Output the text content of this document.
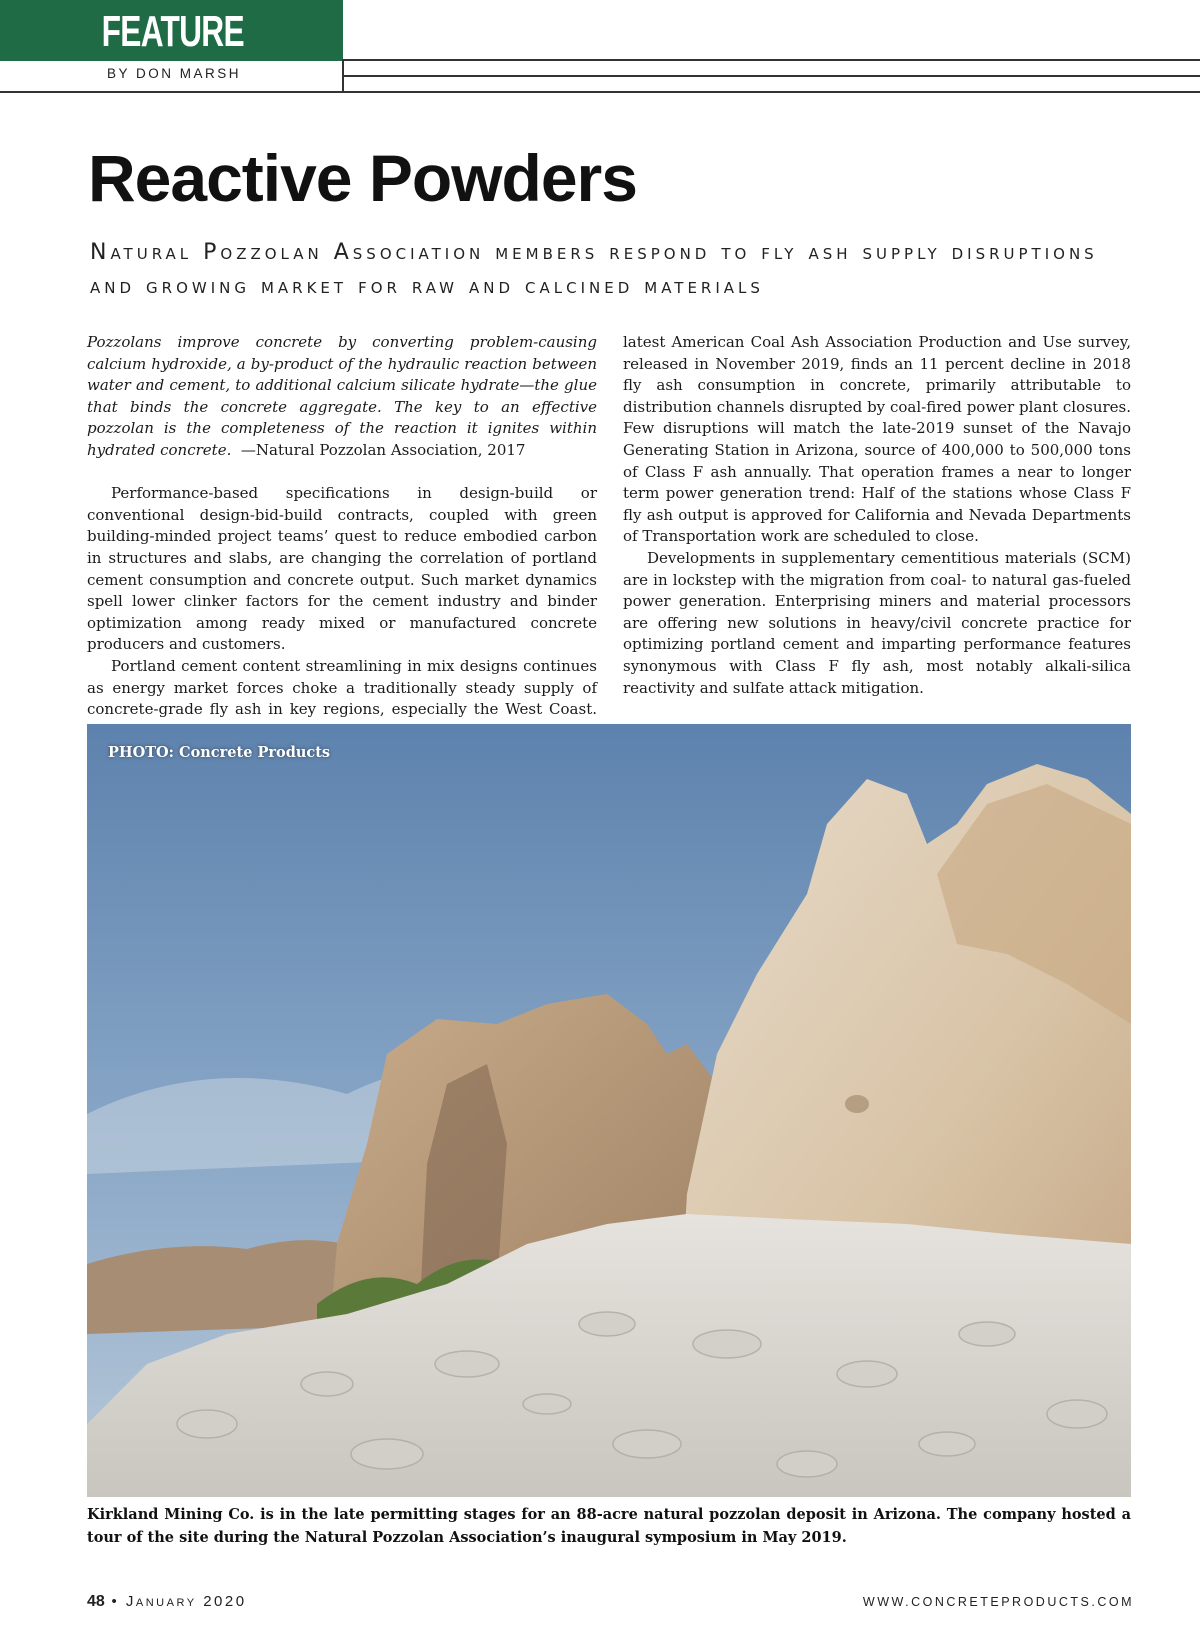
FEATURE
BY DON MARSH
Reactive Powders

Natural Pozzolan Association members respond to fly ash supply disruptions and growing market for raw and calcined materials

Pozzolans improve concrete by converting problem-causing calcium hydroxide, a by-product of the hydraulic reaction between water and cement, to additional calcium silicate hydrate—the glue that binds the concrete aggregate. The key to an effective pozzolan is the completeness of the reaction it ignites within hydrated concrete. —Natural Pozzolan Association, 2017

Performance-based specifications in design-build or conventional design-bid-build contracts, coupled with green building-minded project teams’ quest to reduce embodied carbon in structures and slabs, are changing the correlation of portland cement consumption and concrete output. Such market dynamics spell lower clinker factors for the cement industry and binder optimization among ready mixed or manufactured concrete producers and customers.

Portland cement content streamlining in mix designs continues as energy market forces choke a traditionally steady supply of concrete-grade fly ash in key regions, especially the West Coast.

latest American Coal Ash Association Production and Use survey, released in November 2019, finds an 11 percent decline in 2018 fly ash consumption in concrete, primarily attributable to distribution channels disrupted by coal-fired power plant closures. Few disruptions will match the late-2019 sunset of the Navajo Generating Station in Arizona, source of 400,000 to 500,000 tons of Class F ash annually. That operation frames a near to longer term power generation trend: Half of the stations whose Class F fly ash output is approved for California and Nevada Departments of Transportation work are scheduled to close.

Developments in supplementary cementitious materials (SCM) are in lockstep with the migration from coal- to natural gas-fueled power generation. Enterprising miners and material processors are offering new solutions in heavy/civil concrete practice for optimizing portland cement and imparting performance features synonymous with Class F fly ash, most notably alkali-silica reactivity and sulfate attack mitigation.

PHOTO: Concrete Products

Kirkland Mining Co. is in the late permitting stages for an 88-acre natural pozzolan deposit in Arizona. The company hosted a tour of the site during the Natural Pozzolan Association’s inaugural symposium in May 2019.

48 • January 2020	WWW.CONCRETEPRODUCTS.COM
